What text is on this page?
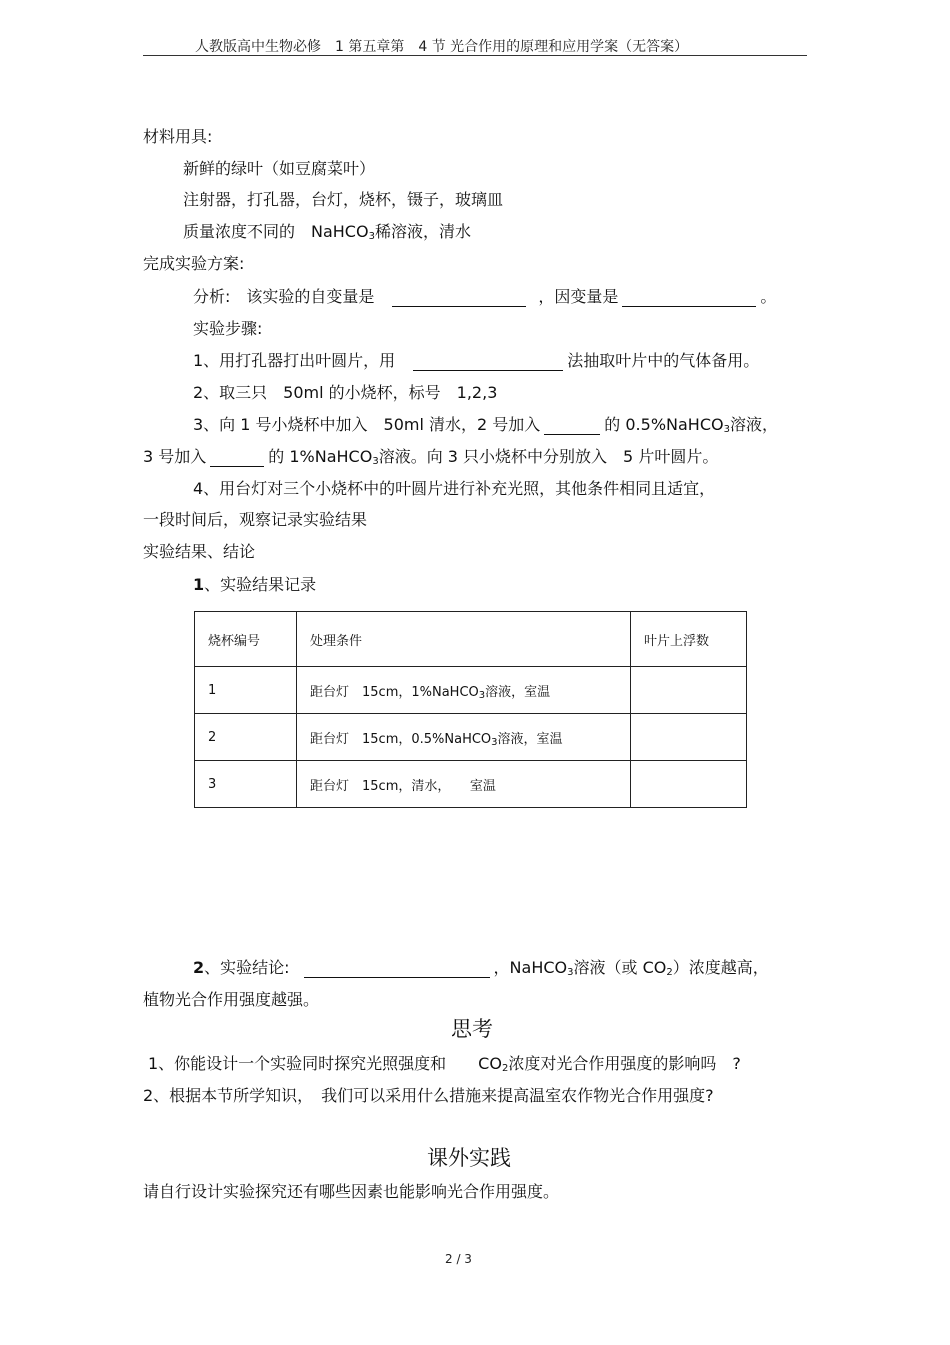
人教版高中生物必修　1 第五章第　4 节 光合作用的原理和应用学案（无答案）
材料用具:
新鲜的绿叶（如豆腐菜叶）
注射器，打孔器，台灯，烧杯，镊子，玻璃皿
质量浓度不同的　NaHCO$_3$稀溶液，清水
完成实验方案:
分析:　该实验的自变量是	，因变量是	。
实验步骤:
1、用打孔器打出叶圆片，用	法抽取叶片中的气体备用。
2、取三只　50ml 的小烧杯，标号　1,2,3
3、向 1 号小烧杯中加入　50ml 清水，2 号加入	的 0.5%NaHCO$_3$溶液，
3 号加入	的 1%NaHCO$_3$溶液。向 3 只小烧杯中分别放入　5 片叶圆片。
4、用台灯对三个小烧杯中的叶圆片进行补充光照，其他条件相同且适宜，
一段时间后，观察记录实验结果
实验结果、结论
1、实验结果记录
烧杯编号	处理条件	叶片上浮数
1	距台灯　15cm，1%NaHCO$_3$溶液，室温	
2	距台灯　15cm，0.5%NaHCO$_3$溶液，室温	
3	距台灯　15cm，清水，　　室温	
2、实验结论:	，NaHCO$_3$溶液（或 $CO_2$）浓度越高，
植物光合作用强度越强。
思考
1、你能设计一个实验同时探究光照强度和　　$CO_2$浓度对光合作用强度的影响吗　?
2、根据本节所学知识，　我们可以采用什么措施来提高温室农作物光合作用强度?
课外实践
请自行设计实验探究还有哪些因素也能影响光合作用强度。
2 / 3
